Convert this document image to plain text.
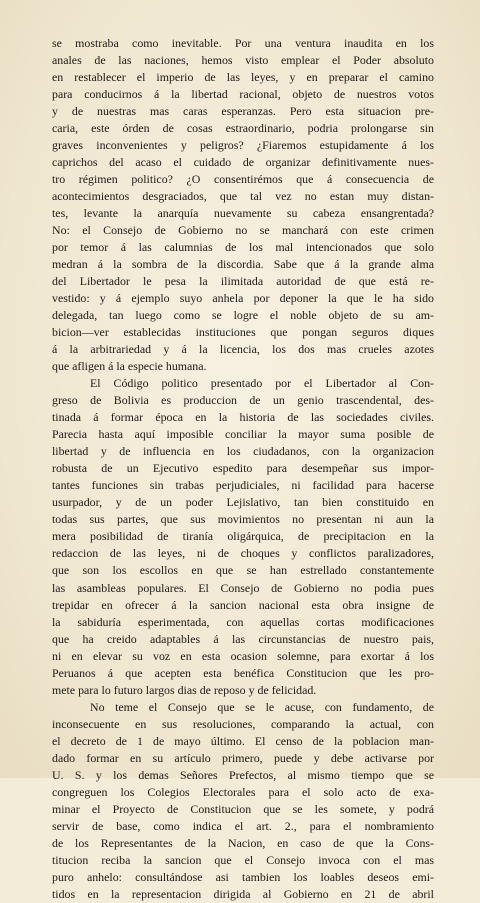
se mostraba como inevitable. Por una ventura inaudita en los
anales de las naciones, hemos visto emplear el Poder absoluto
en restablecer el imperio de las leyes, y en preparar el camino
para conducirnos á la libertad racional, objeto de nuestros votos
y de nuestras mas caras esperanzas. Pero esta situacion pre-
caria, este órden de cosas estraordinario, podria prolongarse sin
graves inconvenientes y peligros? ¿Fiaremos estupidamente á los
caprichos del acaso el cuidado de organizar definitivamente nues-
tro régimen politico? ¿O consentirémos que á consecuencia de
acontecimientos desgraciados, que tal vez no estan muy distan-
tes, levante la anarquía nuevamente su cabeza ensangrentada?
No: el Consejo de Gobierno no se manchará con este crimen
por temor á las calumnias de los mal intencionados que solo
medran á la sombra de la discordia. Sabe que á la grande alma
del Libertador le pesa la ilimitada autoridad de que está re-
vestido: y á ejemplo suyo anhela por deponer la que le ha sido
delegada, tan luego como se logre el noble objeto de su am-
bicion—ver establecidas instituciones que pongan seguros diques
á la arbitrariedad y á la licencia, los dos mas crueles azotes
que afligen á la especie humana.
El Código politico presentado por el Libertador al Con-
greso de Bolivia es produccion de un genio trascendental, des-
tinada á formar época en la historia de las sociedades civiles.
Parecia hasta aquí imposible conciliar la mayor suma posible de
libertad y de influencia en los ciudadanos, con la organizacion
robusta de un Ejecutivo espedito para desempeñar sus impor-
tantes funciones sin trabas perjudiciales, ni facilidad para hacerse
usurpador, y de un poder Lejislativo, tan bien constituido en
todas sus partes, que sus movimientos no presentan ni aun la
mera posibilidad de tiranía oligárquica, de precipitacion en la
redaccion de las leyes, ni de choques y conflictos paralizadores,
que son los escollos en que se han estrellado constantemente
las asambleas populares. El Consejo de Gobierno no podia pues
trepidar en ofrecer á la sancion nacional esta obra insigne de
la sabiduría esperimentada, con aquellas cortas modificaciones
que ha creido adaptables á las circunstancias de nuestro pais,
ni en elevar su voz en esta ocasion solemne, para exortar á los
Peruanos á que acepten esta benéfica Constitucion que les pro-
mete para lo futuro largos dias de reposo y de felicidad.
No teme el Consejo que se le acuse, con fundamento, de
inconsecuente en sus resoluciones, comparando la actual, con
el decreto de 1 de mayo último. El censo de la poblacion man-
dado formar en su artículo primero, puede y debe activarse por
U. S. y los demas Señores Prefectos, al mismo tiempo que se
congreguen los Colegios Electorales para el solo acto de exa-
minar el Proyecto de Constitucion que se les somete, y podrá
servir de base, como indica el art. 2., para el nombramiento
de los Representantes de la Nacion, en caso de que la Cons-
titucion reciba la sancion que el Consejo invoca con el mas
puro anhelo: consultándose asi tambien los loables deseos emi-
tidos en la representacion dirigida al Gobierno en 21 de abril
